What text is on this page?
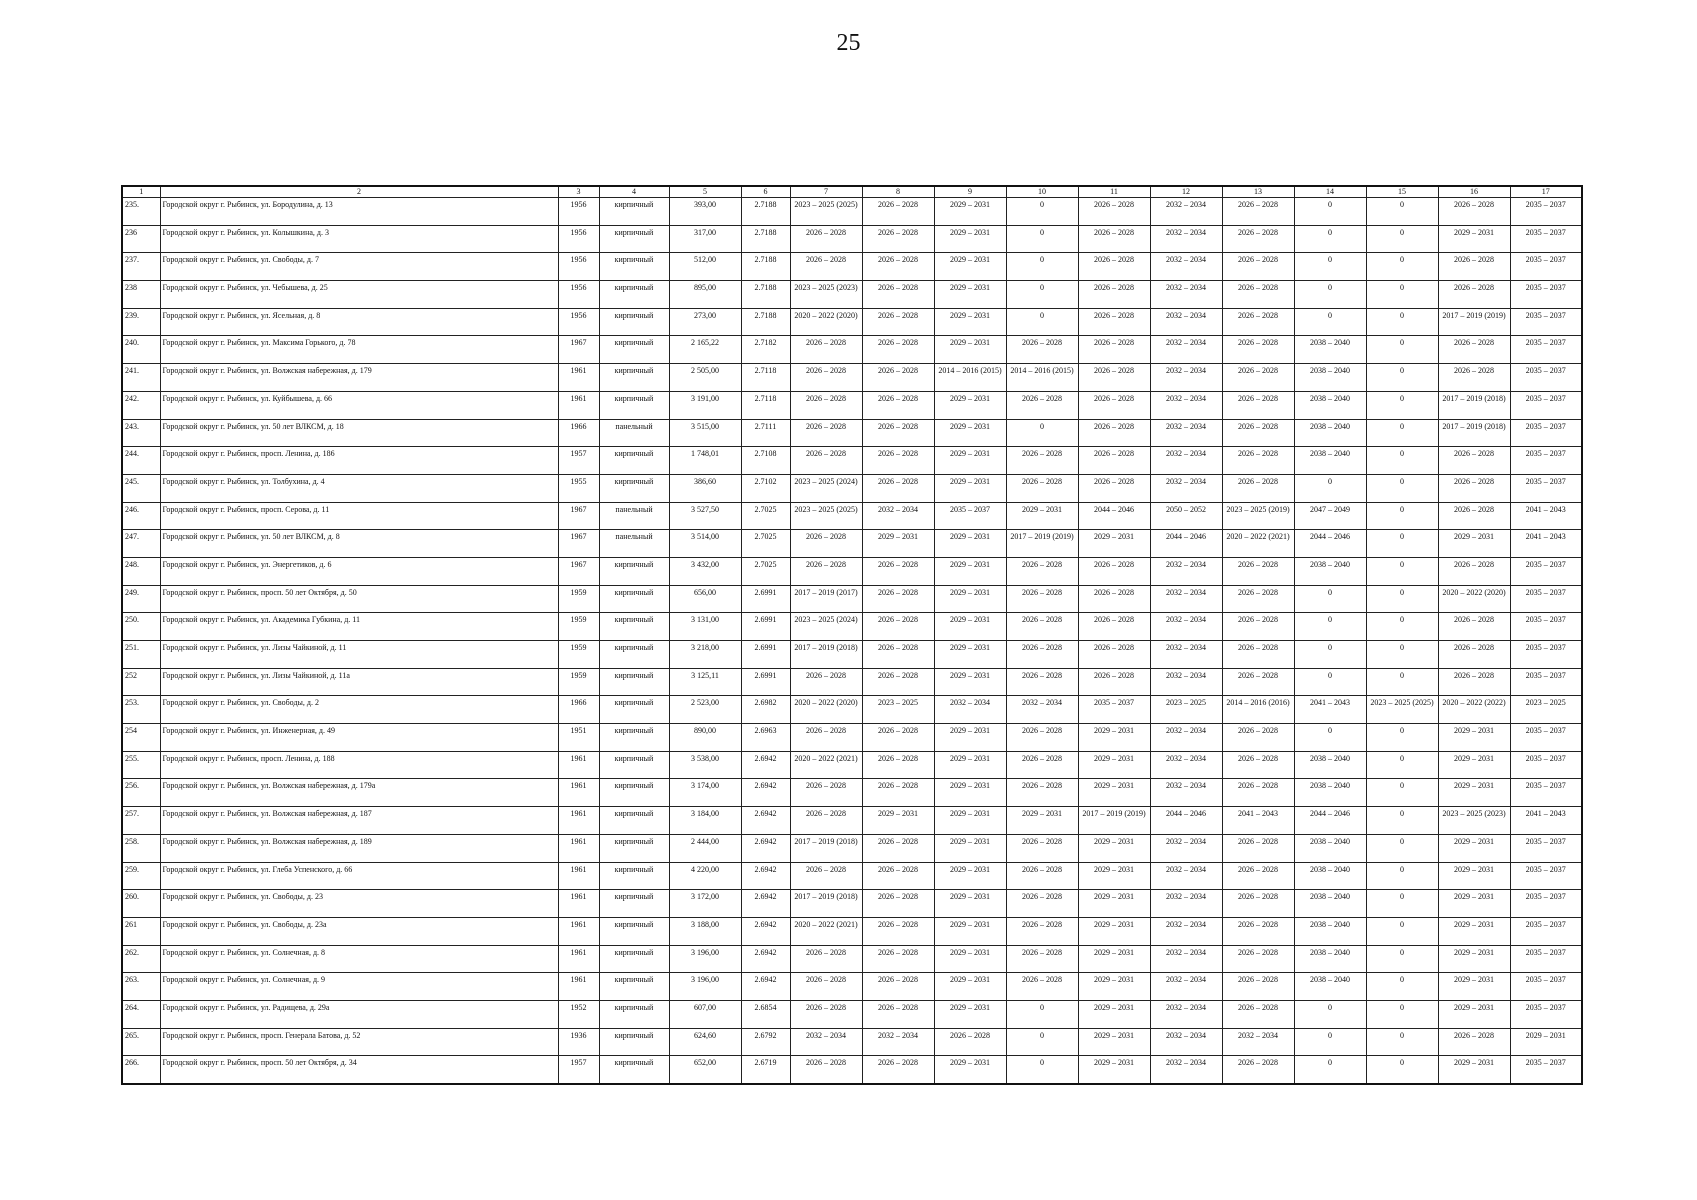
25
1	2	3	4	5	6	7	8	9	10	11	12	13	14	15	16	17
235.	Городской округ г. Рыбинск, ул. Бородулина, д. 13	1956	кирпичный	393,00	2.7188	2023 – 2025 (2025)	2026 – 2028	2029 – 2031	0	2026 – 2028	2032 – 2034	2026 – 2028	0	0	2026 – 2028	2035 – 2037
236	Городской округ г. Рыбинск, ул. Колышкина, д. 3	1956	кирпичный	317,00	2.7188	2026 – 2028	2026 – 2028	2029 – 2031	0	2026 – 2028	2032 – 2034	2026 – 2028	0	0	2029 – 2031	2035 – 2037
237.	Городской округ г. Рыбинск, ул. Свободы, д. 7	1956	кирпичный	512,00	2.7188	2026 – 2028	2026 – 2028	2029 – 2031	0	2026 – 2028	2032 – 2034	2026 – 2028	0	0	2026 – 2028	2035 – 2037
238	Городской округ г. Рыбинск, ул. Чебышева, д. 25	1956	кирпичный	895,00	2.7188	2023 – 2025 (2023)	2026 – 2028	2029 – 2031	0	2026 – 2028	2032 – 2034	2026 – 2028	0	0	2026 – 2028	2035 – 2037
239.	Городской округ г. Рыбинск, ул. Ясельная, д. 8	1956	кирпичный	273,00	2.7188	2020 – 2022 (2020)	2026 – 2028	2029 – 2031	0	2026 – 2028	2032 – 2034	2026 – 2028	0	0	2017 – 2019 (2019)	2035 – 2037
240.	Городской округ г. Рыбинск, ул. Максима Горького, д. 78	1967	кирпичный	2 165,22	2.7182	2026 – 2028	2026 – 2028	2029 – 2031	2026 – 2028	2026 – 2028	2032 – 2034	2026 – 2028	2038 – 2040	0	2026 – 2028	2035 – 2037
241.	Городской округ г. Рыбинск, ул. Волжская набережная, д. 179	1961	кирпичный	2 505,00	2.7118	2026 – 2028	2026 – 2028	2014 – 2016 (2015)	2014 – 2016 (2015)	2026 – 2028	2032 – 2034	2026 – 2028	2038 – 2040	0	2026 – 2028	2035 – 2037
242.	Городской округ г. Рыбинск, ул. Куйбышева, д. 66	1961	кирпичный	3 191,00	2.7118	2026 – 2028	2026 – 2028	2029 – 2031	2026 – 2028	2026 – 2028	2032 – 2034	2026 – 2028	2038 – 2040	0	2017 – 2019 (2018)	2035 – 2037
243.	Городской округ г. Рыбинск, ул. 50 лет ВЛКСМ, д. 18	1966	панельный	3 515,00	2.7111	2026 – 2028	2026 – 2028	2029 – 2031	0	2026 – 2028	2032 – 2034	2026 – 2028	2038 – 2040	0	2017 – 2019 (2018)	2035 – 2037
244.	Городской округ г. Рыбинск, просп. Ленина, д. 186	1957	кирпичный	1 748,01	2.7108	2026 – 2028	2026 – 2028	2029 – 2031	2026 – 2028	2026 – 2028	2032 – 2034	2026 – 2028	2038 – 2040	0	2026 – 2028	2035 – 2037
245.	Городской округ г. Рыбинск, ул. Толбухина, д. 4	1955	кирпичный	386,60	2.7102	2023 – 2025 (2024)	2026 – 2028	2029 – 2031	2026 – 2028	2026 – 2028	2032 – 2034	2026 – 2028	0	0	2026 – 2028	2035 – 2037
246.	Городской округ г. Рыбинск, просп. Серова, д. 11	1967	панельный	3 527,50	2.7025	2023 – 2025 (2025)	2032 – 2034	2035 – 2037	2029 – 2031	2044 – 2046	2050 – 2052	2023 – 2025 (2019)	2047 – 2049	0	2026 – 2028	2041 – 2043
247.	Городской округ г. Рыбинск, ул. 50 лет ВЛКСМ, д. 8	1967	панельный	3 514,00	2.7025	2026 – 2028	2029 – 2031	2029 – 2031	2017 – 2019 (2019)	2029 – 2031	2044 – 2046	2020 – 2022 (2021)	2044 – 2046	0	2029 – 2031	2041 – 2043
248.	Городской округ г. Рыбинск, ул. Энергетиков, д. 6	1967	кирпичный	3 432,00	2.7025	2026 – 2028	2026 – 2028	2029 – 2031	2026 – 2028	2026 – 2028	2032 – 2034	2026 – 2028	2038 – 2040	0	2026 – 2028	2035 – 2037
249.	Городской округ г. Рыбинск, просп. 50 лет Октября, д. 50	1959	кирпичный	656,00	2.6991	2017 – 2019 (2017)	2026 – 2028	2029 – 2031	2026 – 2028	2026 – 2028	2032 – 2034	2026 – 2028	0	0	2020 – 2022 (2020)	2035 – 2037
250.	Городской округ г. Рыбинск, ул. Академика Губкина, д. 11	1959	кирпичный	3 131,00	2.6991	2023 – 2025 (2024)	2026 – 2028	2029 – 2031	2026 – 2028	2026 – 2028	2032 – 2034	2026 – 2028	0	0	2026 – 2028	2035 – 2037
251.	Городской округ г. Рыбинск, ул. Лизы Чайкиной, д. 11	1959	кирпичный	3 218,00	2.6991	2017 – 2019 (2018)	2026 – 2028	2029 – 2031	2026 – 2028	2026 – 2028	2032 – 2034	2026 – 2028	0	0	2026 – 2028	2035 – 2037
252	Городской округ г. Рыбинск, ул. Лизы Чайкиной, д. 11а	1959	кирпичный	3 125,11	2.6991	2026 – 2028	2026 – 2028	2029 – 2031	2026 – 2028	2026 – 2028	2032 – 2034	2026 – 2028	0	0	2026 – 2028	2035 – 2037
253.	Городской округ г. Рыбинск, ул. Свободы, д. 2	1966	кирпичный	2 523,00	2.6982	2020 – 2022 (2020)	2023 – 2025	2032 – 2034	2032 – 2034	2035 – 2037	2023 – 2025	2014 – 2016 (2016)	2041 – 2043	2023 – 2025 (2025)	2020 – 2022 (2022)	2023 – 2025
254	Городской округ г. Рыбинск, ул. Инженерная, д. 49	1951	кирпичный	890,00	2.6963	2026 – 2028	2026 – 2028	2029 – 2031	2026 – 2028	2029 – 2031	2032 – 2034	2026 – 2028	0	0	2029 – 2031	2035 – 2037
255.	Городской округ г. Рыбинск, просп. Ленина, д. 188	1961	кирпичный	3 538,00	2.6942	2020 – 2022 (2021)	2026 – 2028	2029 – 2031	2026 – 2028	2029 – 2031	2032 – 2034	2026 – 2028	2038 – 2040	0	2029 – 2031	2035 – 2037
256.	Городской округ г. Рыбинск, ул. Волжская набережная, д. 179а	1961	кирпичный	3 174,00	2.6942	2026 – 2028	2026 – 2028	2029 – 2031	2026 – 2028	2029 – 2031	2032 – 2034	2026 – 2028	2038 – 2040	0	2029 – 2031	2035 – 2037
257.	Городской округ г. Рыбинск, ул. Волжская набережная, д. 187	1961	кирпичный	3 184,00	2.6942	2026 – 2028	2029 – 2031	2029 – 2031	2029 – 2031	2017 – 2019 (2019)	2044 – 2046	2041 – 2043	2044 – 2046	0	2023 – 2025 (2023)	2041 – 2043
258.	Городской округ г. Рыбинск, ул. Волжская набережная, д. 189	1961	кирпичный	2 444,00	2.6942	2017 – 2019 (2018)	2026 – 2028	2029 – 2031	2026 – 2028	2029 – 2031	2032 – 2034	2026 – 2028	2038 – 2040	0	2029 – 2031	2035 – 2037
259.	Городской округ г. Рыбинск, ул. Глеба Успенского, д. 66	1961	кирпичный	4 220,00	2.6942	2026 – 2028	2026 – 2028	2029 – 2031	2026 – 2028	2029 – 2031	2032 – 2034	2026 – 2028	2038 – 2040	0	2029 – 2031	2035 – 2037
260.	Городской округ г. Рыбинск, ул. Свободы, д. 23	1961	кирпичный	3 172,00	2.6942	2017 – 2019 (2018)	2026 – 2028	2029 – 2031	2026 – 2028	2029 – 2031	2032 – 2034	2026 – 2028	2038 – 2040	0	2029 – 2031	2035 – 2037
261	Городской округ г. Рыбинск, ул. Свободы, д. 23а	1961	кирпичный	3 188,00	2.6942	2020 – 2022 (2021)	2026 – 2028	2029 – 2031	2026 – 2028	2029 – 2031	2032 – 2034	2026 – 2028	2038 – 2040	0	2029 – 2031	2035 – 2037
262.	Городской округ г. Рыбинск, ул. Солнечная, д. 8	1961	кирпичный	3 196,00	2.6942	2026 – 2028	2026 – 2028	2029 – 2031	2026 – 2028	2029 – 2031	2032 – 2034	2026 – 2028	2038 – 2040	0	2029 – 2031	2035 – 2037
263.	Городской округ г. Рыбинск, ул. Солнечная, д. 9	1961	кирпичный	3 196,00	2.6942	2026 – 2028	2026 – 2028	2029 – 2031	2026 – 2028	2029 – 2031	2032 – 2034	2026 – 2028	2038 – 2040	0	2029 – 2031	2035 – 2037
264.	Городской округ г. Рыбинск, ул. Радищева, д. 29а	1952	кирпичный	607,00	2.6854	2026 – 2028	2026 – 2028	2029 – 2031	0	2029 – 2031	2032 – 2034	2026 – 2028	0	0	2029 – 2031	2035 – 2037
265.	Городской округ г. Рыбинск, просп. Генерала Батова, д. 52	1936	кирпичный	624,60	2.6792	2032 – 2034	2032 – 2034	2026 – 2028	0	2029 – 2031	2032 – 2034	2032 – 2034	0	0	2026 – 2028	2029 – 2031
266.	Городской округ г. Рыбинск, просп. 50 лет Октября, д. 34	1957	кирпичный	652,00	2.6719	2026 – 2028	2026 – 2028	2029 – 2031	0	2029 – 2031	2032 – 2034	2026 – 2028	0	0	2029 – 2031	2035 – 2037
